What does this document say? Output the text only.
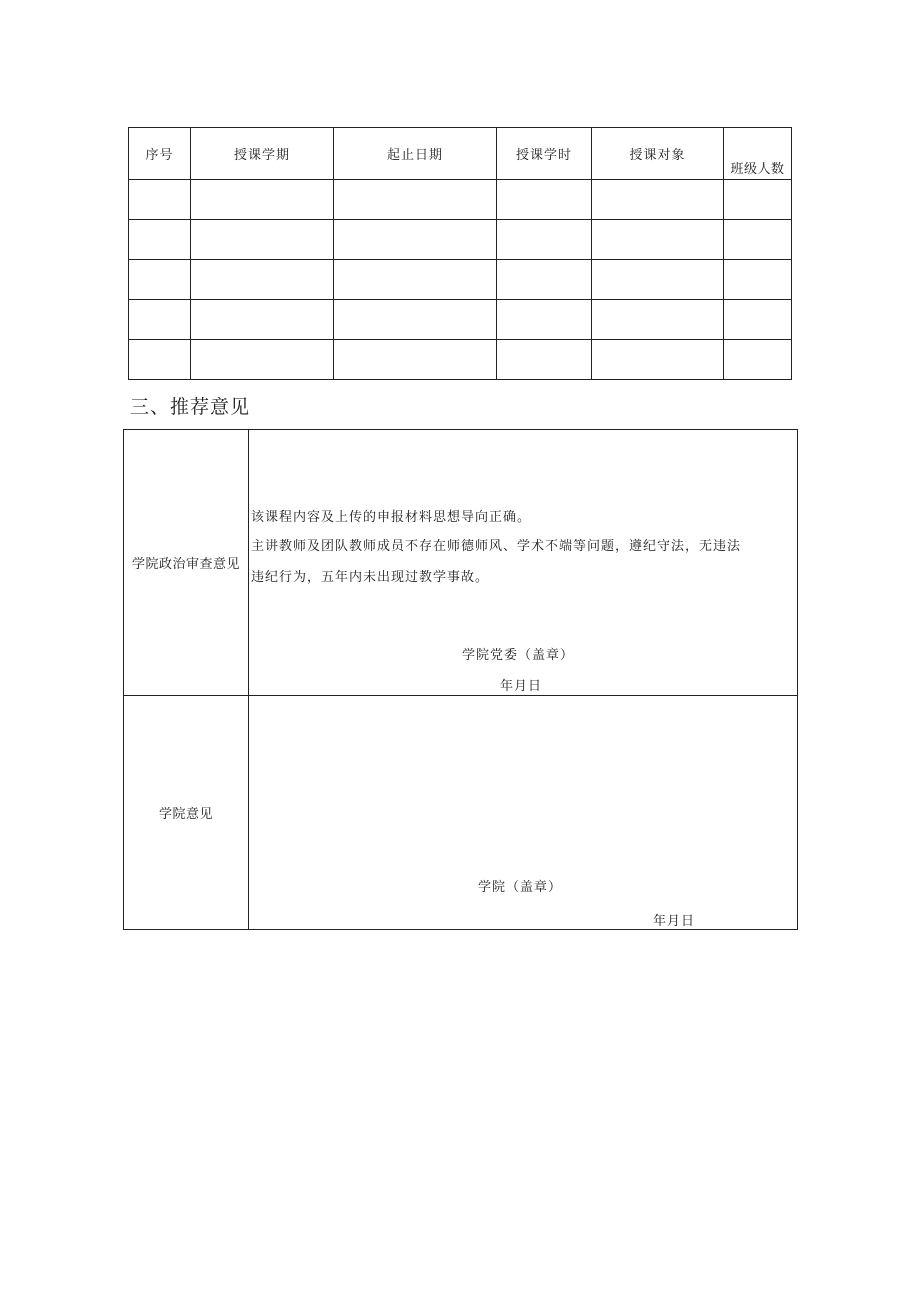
序号	授课学期	起止日期	授课学时	授课对象	班级人数

三、推荐意见
学院政治审查意见	该课程内容及上传的申报材料思想导向正确。
主讲教师及团队教师成员不存在师德师风、学术不端等问题，遵纪守法，无违法
违纪行为，五年内未出现过教学事故。
学院党委（盖章）
年月日

学院意见	学院（盖章）
年月日
